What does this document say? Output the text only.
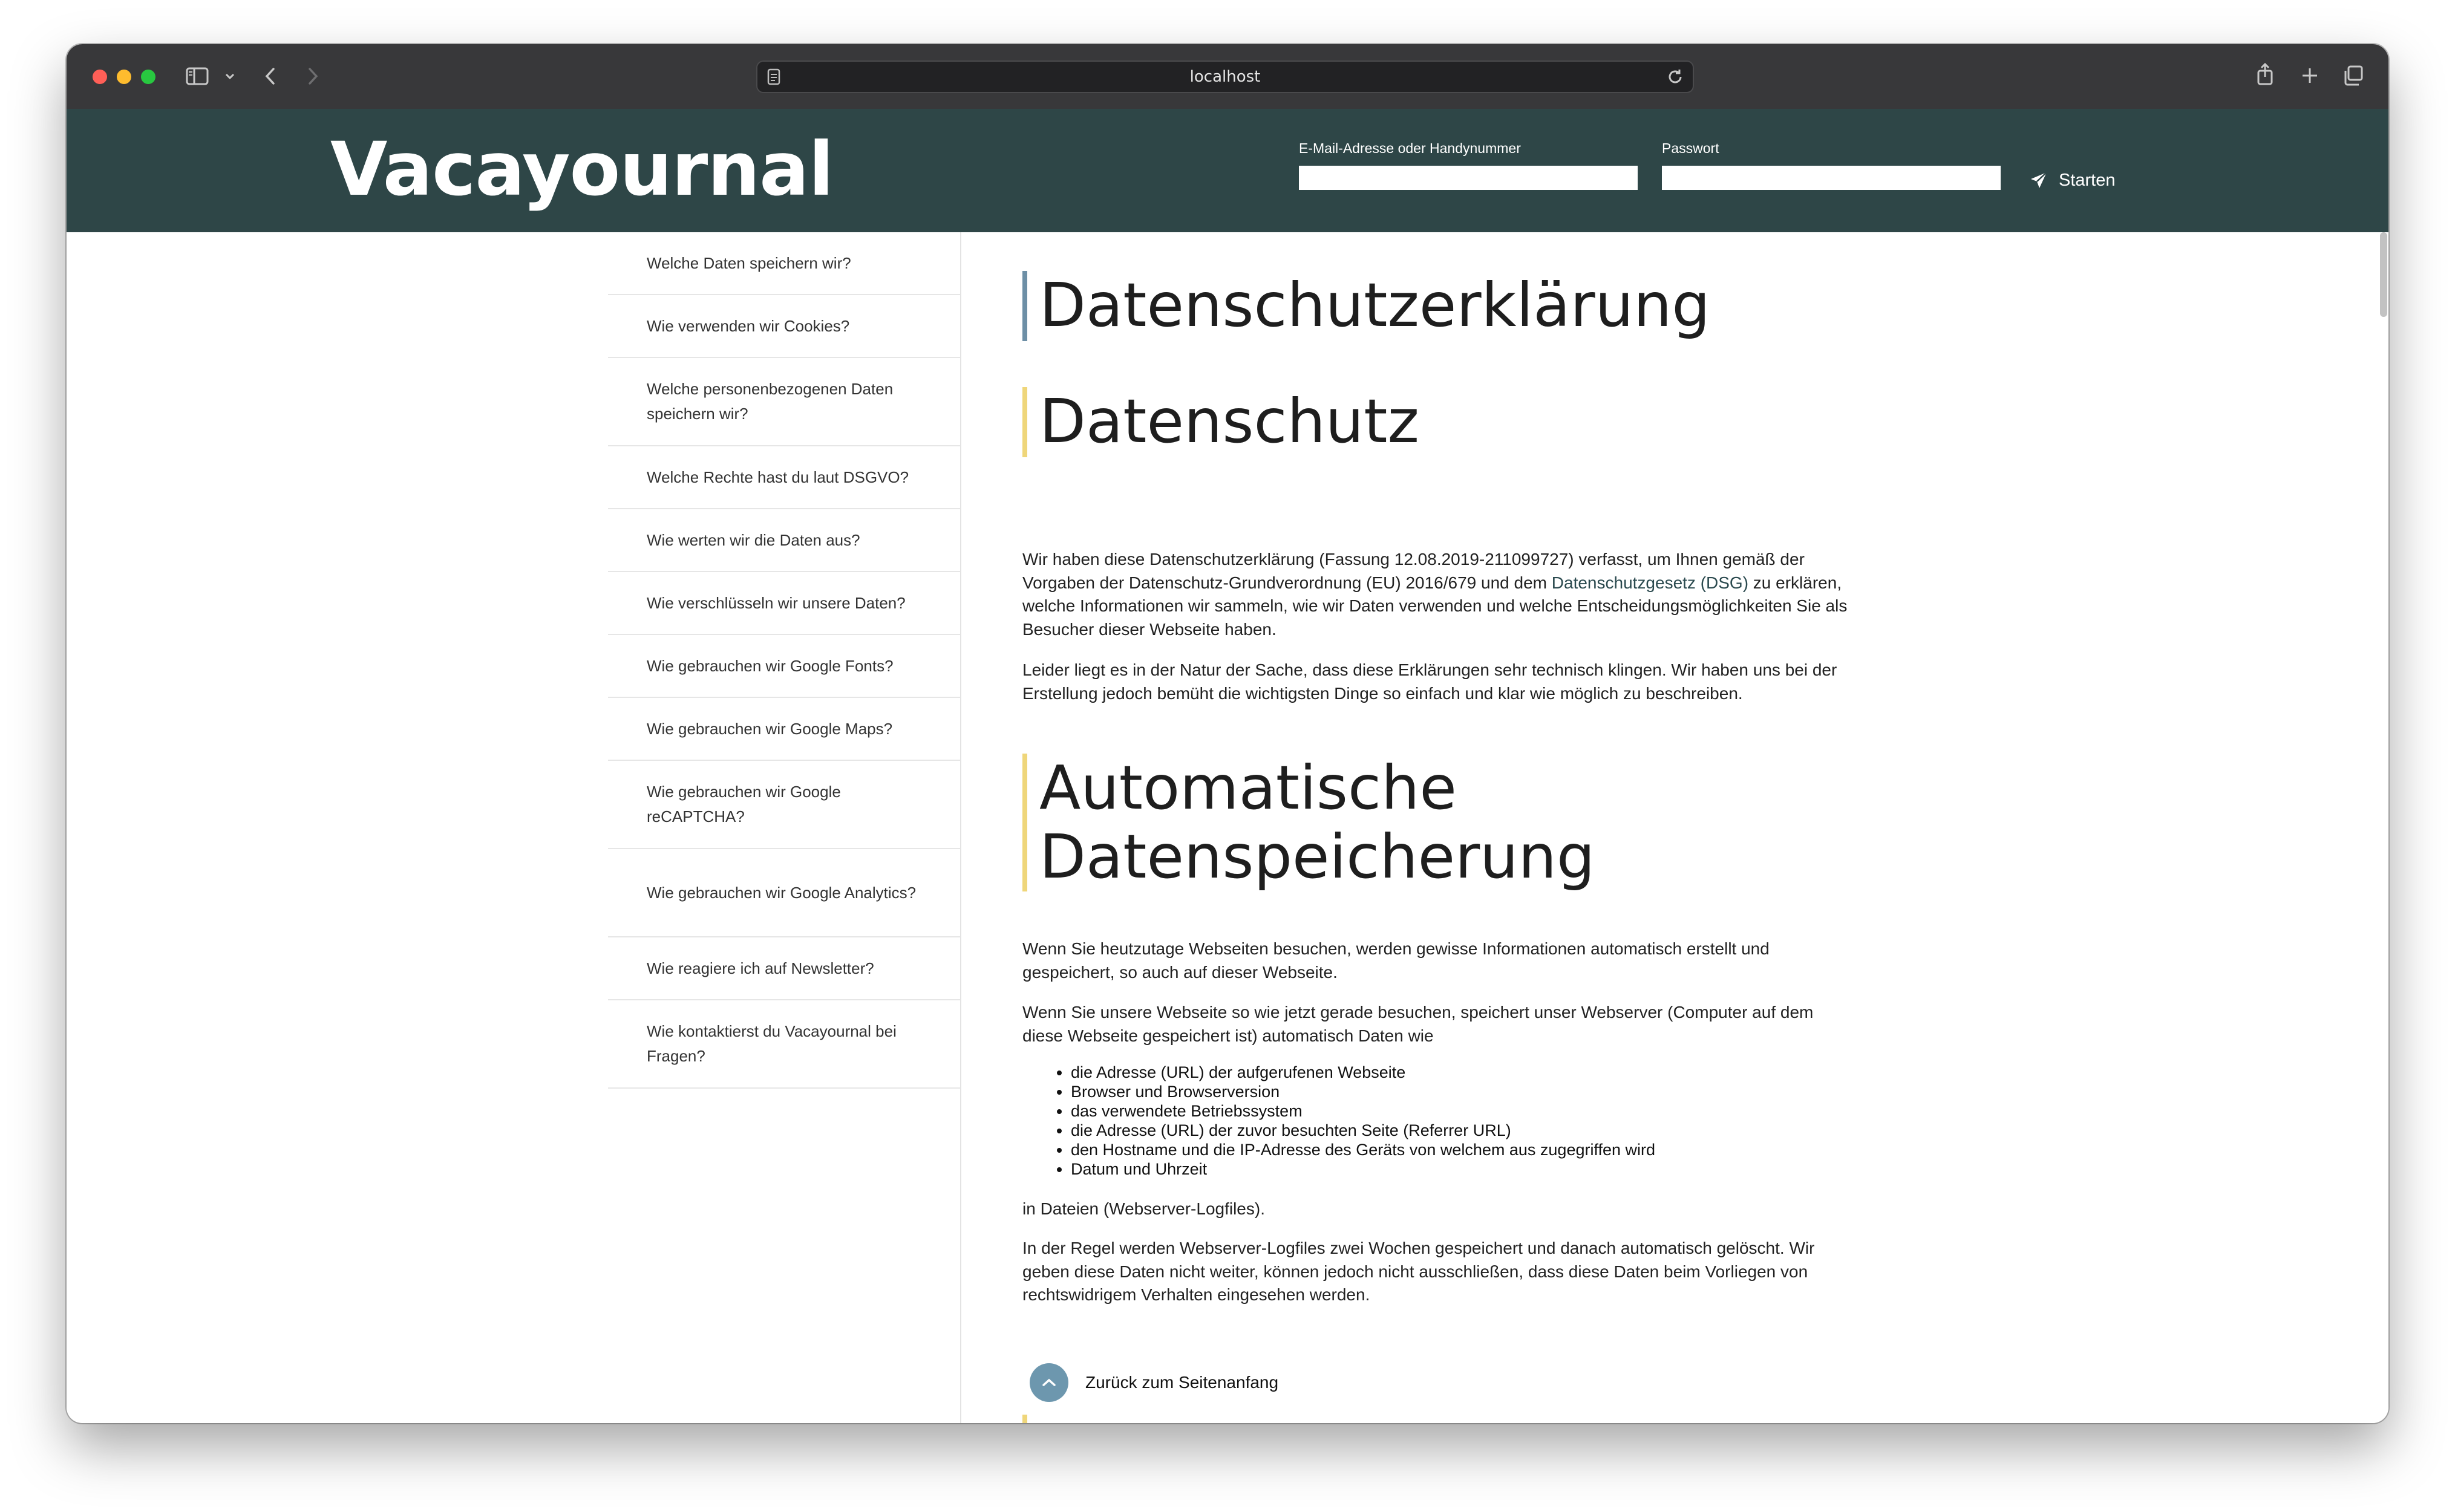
localhost
Vacayournal	E-Mail-Adresse oder Handynummer	Passwort
Starten
Welche Daten speichern wir?
Wie verwenden wir Cookies?
Welche personenbezogenen Daten speichern wir?
Welche Rechte hast du laut DSGVO?
Wie werten wir die Daten aus?
Wie verschlüsseln wir unsere Daten?
Wie gebrauchen wir Google Fonts?
Wie gebrauchen wir Google Maps?
Wie gebrauchen wir Google reCAPTCHA?
Wie gebrauchen wir Google Analytics?
Wie reagiere ich auf Newsletter?
Wie kontaktierst du Vacayournal bei Fragen?
Datenschutzerklärung
Datenschutz

Wir haben diese Datenschutzerklärung (Fassung 12.08.2019-211099727) verfasst, um Ihnen gemäß der Vorgaben der Datenschutz-Grundverordnung (EU) 2016/679 und dem Datenschutzgesetz (DSG) zu erklären, welche Informationen wir sammeln, wie wir Daten verwenden und welche Entscheidungsmöglichkeiten Sie als Besucher dieser Webseite haben.

Leider liegt es in der Natur der Sache, dass diese Erklärungen sehr technisch klingen. Wir haben uns bei der Erstellung jedoch bemüht die wichtigsten Dinge so einfach und klar wie möglich zu beschreiben.

Automatische
Datenspeicherung

Wenn Sie heutzutage Webseiten besuchen, werden gewisse Informationen automatisch erstellt und gespeichert, so auch auf dieser Webseite.

Wenn Sie unsere Webseite so wie jetzt gerade besuchen, speichert unser Webserver (Computer auf dem diese Webseite gespeichert ist) automatisch Daten wie

• die Adresse (URL) der aufgerufenen Webseite
• Browser und Browserversion
• das verwendete Betriebssystem
• die Adresse (URL) der zuvor besuchten Seite (Referrer URL)
• den Hostname und die IP-Adresse des Geräts von welchem aus zugegriffen wird
• Datum und Uhrzeit

in Dateien (Webserver-Logfiles).

In der Regel werden Webserver-Logfiles zwei Wochen gespeichert und danach automatisch gelöscht. Wir geben diese Daten nicht weiter, können jedoch nicht ausschließen, dass diese Daten beim Vorliegen von rechtswidrigem Verhalten eingesehen werden.

Zurück zum Seitenanfang
